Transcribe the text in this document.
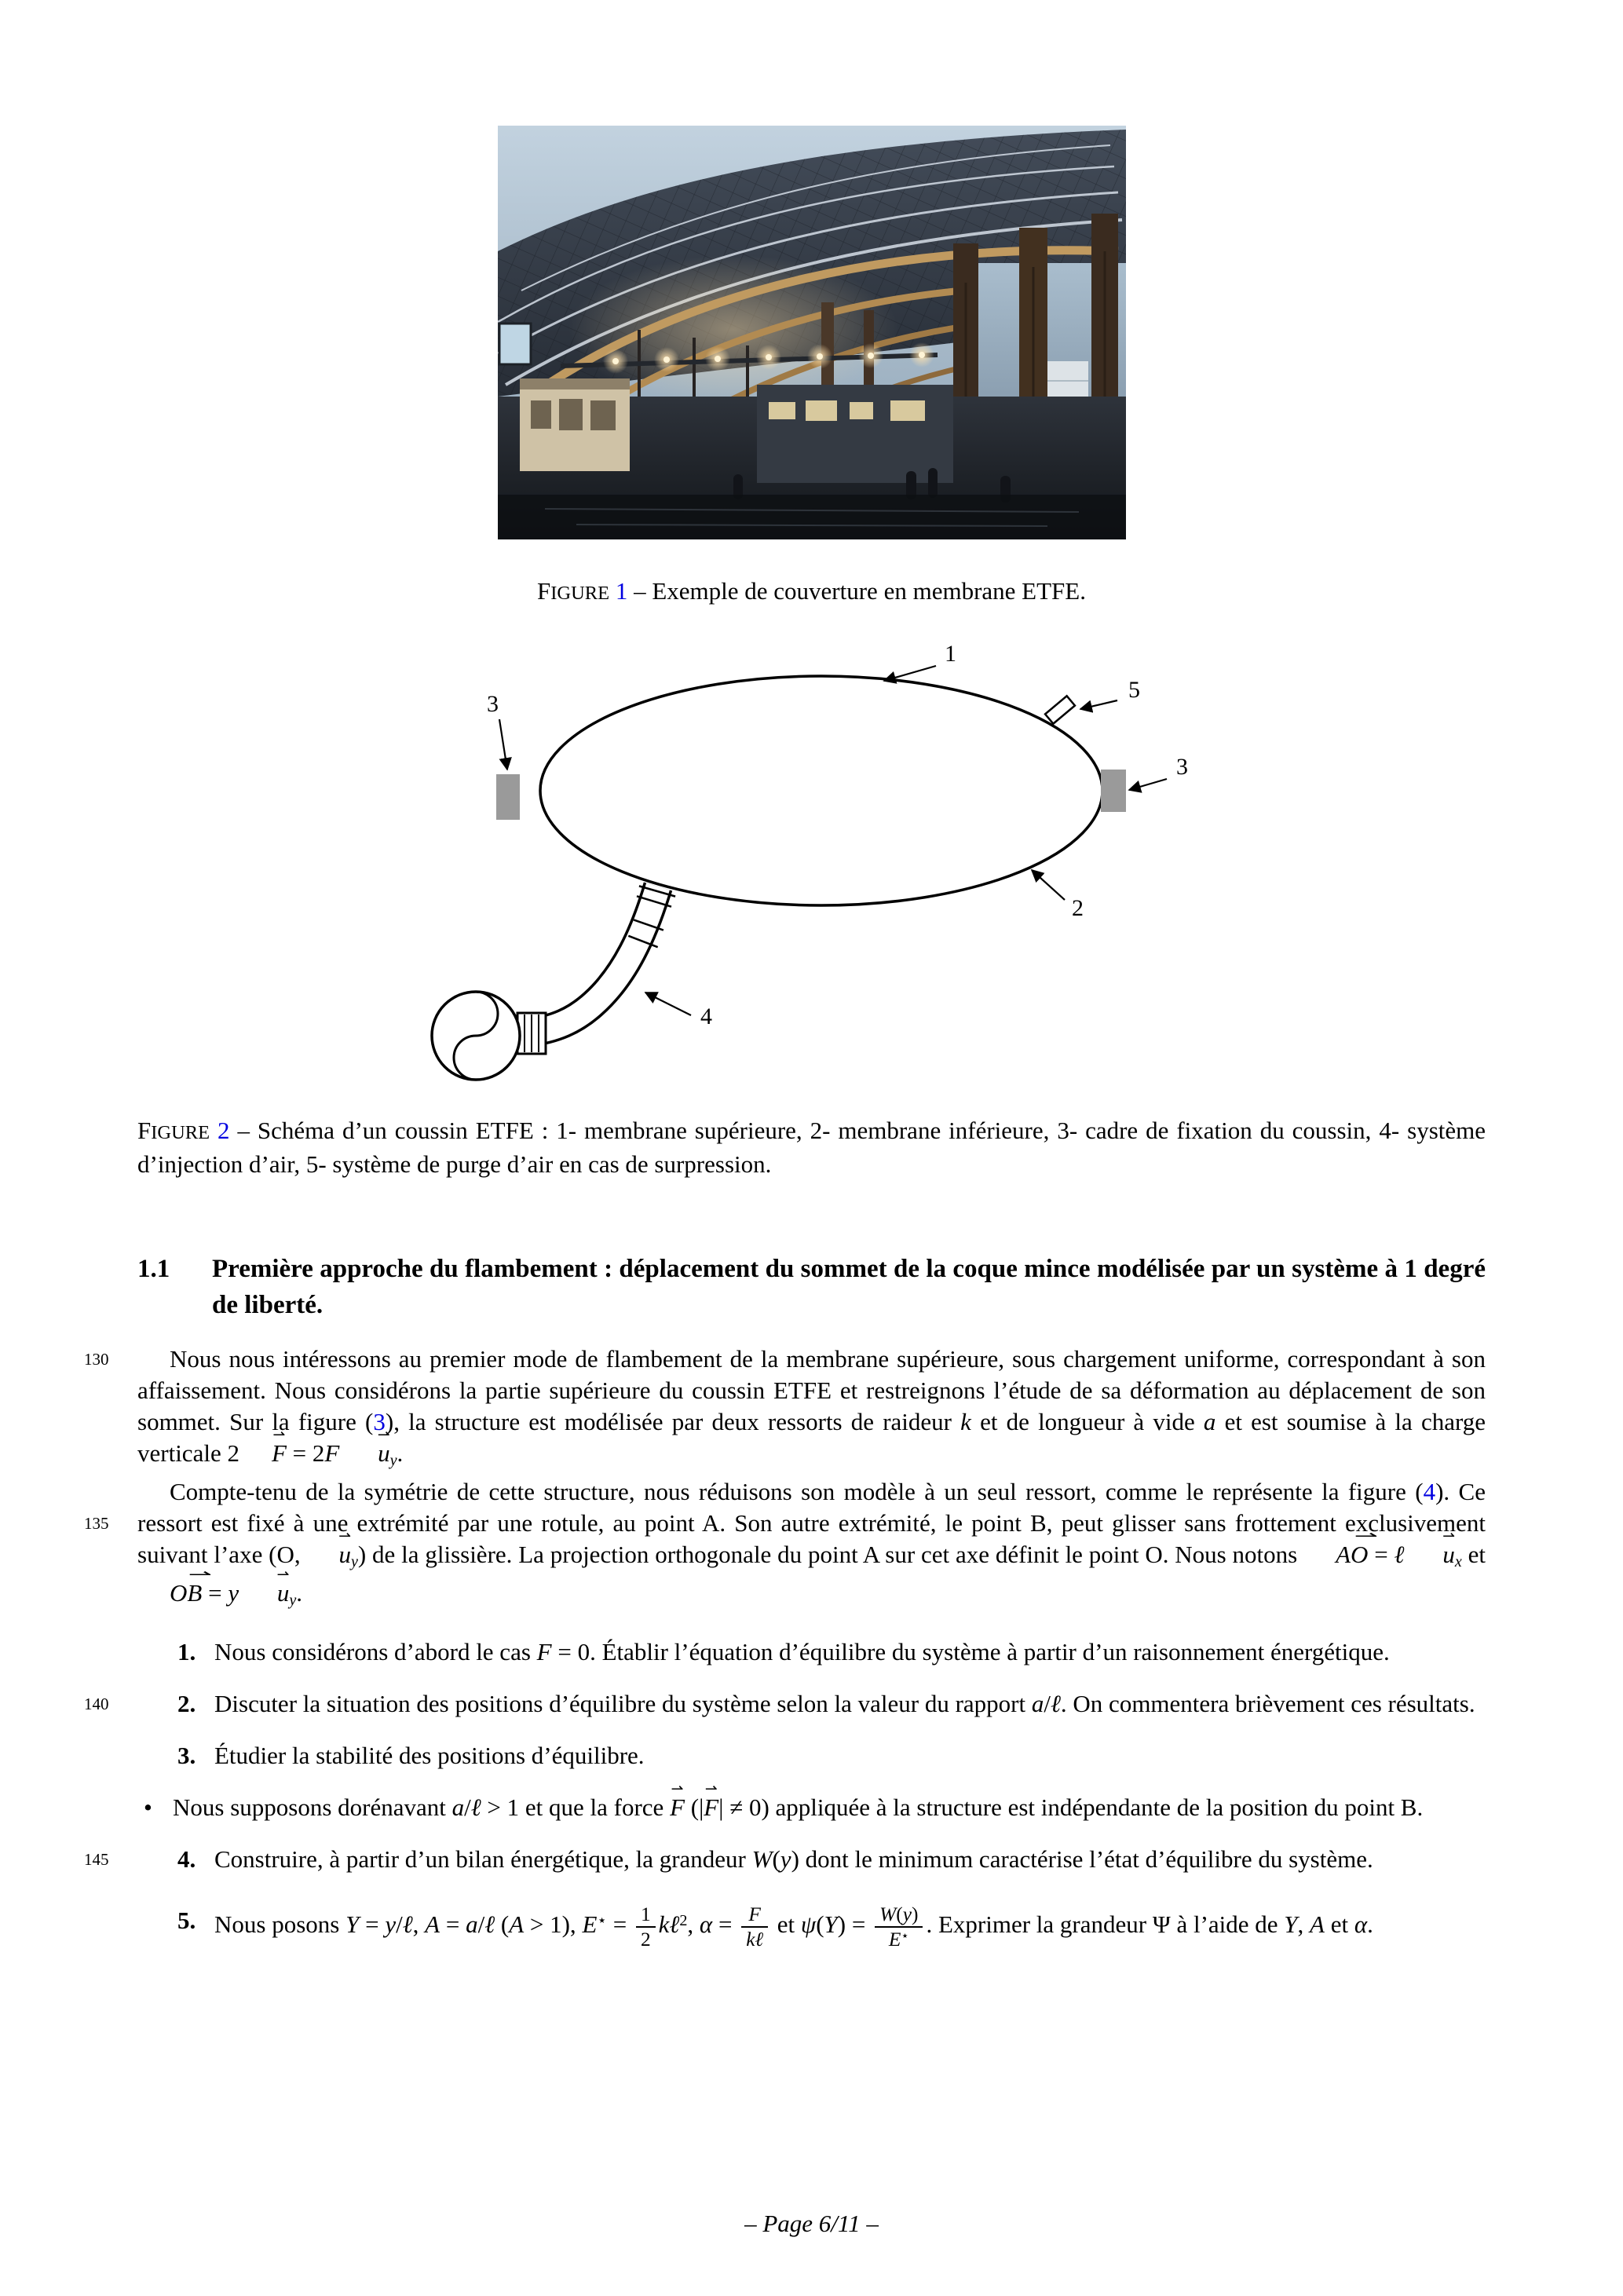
FIGURE 1 – Exemple de couverture en membrane ETFE.
1
5
3
2
3
4
FIGURE 2 – Schéma d’un coussin ETFE : 1- membrane supérieure, 2- membrane inférieure, 3- cadre de fixation du coussin, 4- système d’injection d’air, 5- système de purge d’air en cas de surpression.
1.1 Première approche du flambement : déplacement du sommet de la coque mince modélisée par un système à 1 degré de liberté.

130	Nous nous intéressons au premier mode de flambement de la membrane supérieure, sous chargement uniforme, correspondant à son affaissement. Nous considérons la partie supérieure du coussin ETFE et restreignons l’étude de sa déformation au déplacement de son sommet. Sur la figure (3), la structure est modélisée par deux ressorts de raideur k et de longueur à vide a et est soumise à la charge verticale 2 F ⇀ = 2F u $⇀_y$.

135
Compte-tenu de la symétrie de cette structure, nous réduisons son modèle à un seul ressort, comme le représente la figure (4). Ce ressort est fixé à une extrémité par une rotule, au point A. Son autre extrémité, le point B, peut glisser sans frottement exclusivement suivant l’axe (O, u $⇀_y$) de la glissière. La projection orthogonale du point A sur cet axe définit le point O. Nous notons AO ⇀ = ℓ u $⇀_x$ et OB ⇀ = y u $⇀_y$.

1. Nous considérons d’abord le cas F = 0. Établir l’équation d’équilibre du système à partir d’un raisonnement énergétique.
140	2. Discuter la situation des positions d’équilibre du système selon la valeur du rapport a/ℓ. On commentera brièvement ces résultats.
3. Étudier la stabilité des positions d’équilibre.
• Nous supposons dorénavant a/ℓ > 1 et que la force F ⇀ (|F ⇀| ≠ 0) appliquée à la structure est indépendante de la position du point B.
145	4. Construire, à partir d’un bilan énergétique, la grandeur W(y) dont le minimum caractérise l’état d’équilibre du système.
5. Nous posons Y = y/ℓ, A = a/ℓ (A > 1), $E^⋆ = \frac{1}{2}$ kℓ$^2$, $\alpha = \frac{F}{\text{kℓ}}$ et $\psi(Y) = \frac{W(y)}{E^⋆}$ . Exprimer la grandeur Ψ à l’aide de Y, A et α.
– Page 6/11 –
